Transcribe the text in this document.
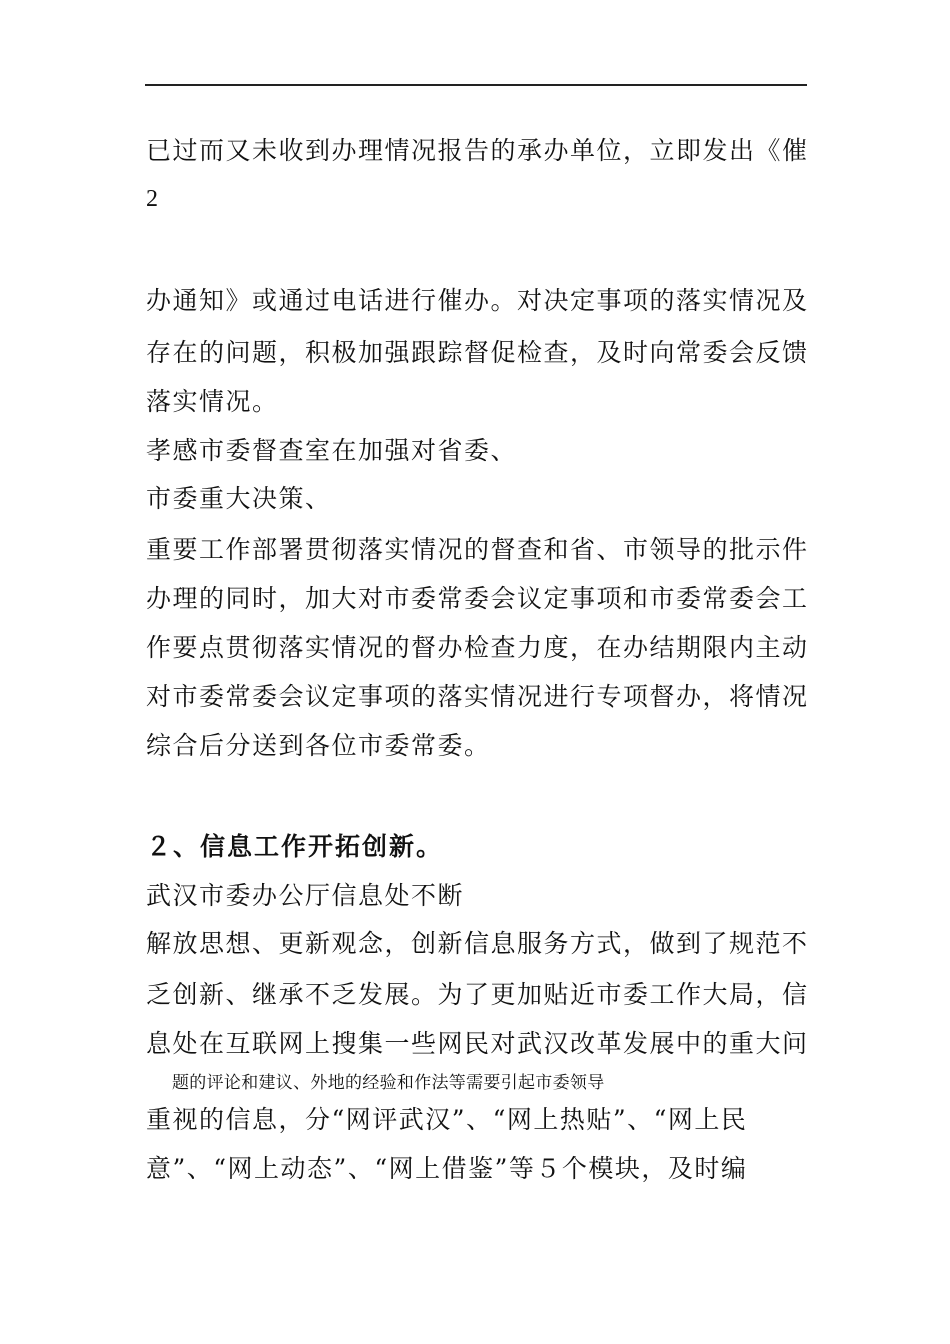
已过而又未收到办理情况报告的承办单位，立即发出《催
2
办通知》或通过电话进行催办。对决定事项的落实情况及
存在的问题，积极加强跟踪督促检查，及时向常委会反馈
落实情况。
孝感市委督查室在加强对省委、
市委重大决策、
重要工作部署贯彻落实情况的督查和省、市领导的批示件
办理的同时，加大对市委常委会议定事项和市委常委会工
作要点贯彻落实情况的督办检查力度，在办结期限内主动
对市委常委会议定事项的落实情况进行专项督办，将情况
综合后分送到各位市委常委。
２、信息工作开拓创新。
武汉市委办公厅信息处不断
解放思想、更新观念，创新信息服务方式，做到了规范不
乏创新、继承不乏发展。为了更加贴近市委工作大局，信
息处在互联网上搜集一些网民对武汉改革发展中的重大问
题的评论和建议、外地的经验和作法等需要引起市委领导
重视的信息，分“网评武汉”、“网上热贴”、“网上民
意”、“网上动态”、“网上借鉴”等５个模块，及时编
